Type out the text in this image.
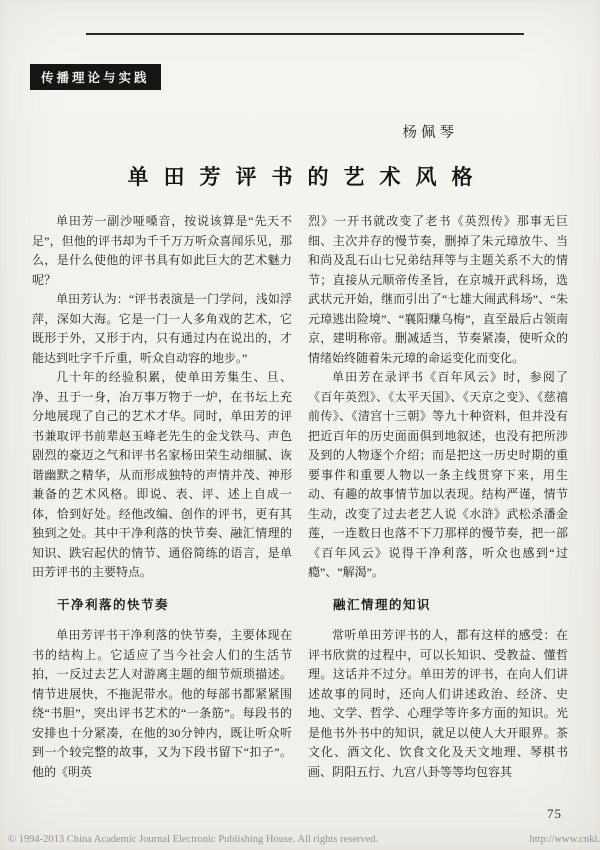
传播理论与实践
杨佩琴
单田芳评书的艺术风格

单田芳一副沙哑嗓音，按说该算是“先天不足”，但他的评书却为千千万万听众喜闻乐见，那么，是什么使他的评书具有如此巨大的艺术魅力呢？

单田芳认为：“评书表演是一门学问，浅如浮萍，深如大海。它是一门一人多角戏的艺术，它既形于外，又形于内，只有通过内在说出的，才能达到吐字千斤重，听众自动容的地步。”

几十年的经验积累，使单田芳集生、旦、净、丑于一身，冶万事万物于一炉，在书坛上充分地展现了自己的艺术才华。同时，单田芳的评书兼取评书前辈赵玉峰老先生的金戈铁马、声色剧烈的豪迈之气和评书名家杨田荣生动细腻、诙谐幽默之精华，从而形成独特的声情并茂、神形兼备的艺术风格。即说、表、评、述上自成一体，恰到好处。经他改编、创作的评书，更有其独到之处。其中干净利落的快节奏、融汇情理的知识、跌宕起伏的情节、通俗简练的语言，是单田芳评书的主要特点。

干净利落的快节奏

单田芳评书干净利落的快节奏，主要体现在书的结构上。它适应了当今社会人们的生活节拍，一反过去艺人对游离主题的细节烦琐描述。情节进展快，不拖泥带水。他的每部书都紧紧围绕“书胆”，突出评书艺术的“一条筋”。每段书的安排也十分紧凑，在他的30分钟内，既让听众听到一个较完整的故事，又为下段书留下“扣子”。他的《明英

烈》一开书就改变了老书《英烈传》那事无巨细、主次并存的慢节奏，删掉了朱元璋放牛、当和尚及乱石山七兄弟结拜等与主题关系不大的情节；直接从元顺帝传圣旨，在京城开武科场，选武状元开始，继而引出了“七雄大闹武科场”、“朱元璋逃出险境”、“襄阳赚乌梅”，直至最后占领南京，建明称帝。删减适当，节奏紧凑，使听众的情绪始终随着朱元璋的命运变化而变化。

单田芳在录评书《百年风云》时，参阅了《百年英烈》、《太平天国》、《天京之变》、《慈禧前传》、《清宫十三朝》等九十种资料，但并没有把近百年的历史面面俱到地叙述，也没有把所涉及到的人物逐个介绍；而是把这一历史时期的重要事件和重要人物以一条主线贯穿下来，用生动、有趣的故事情节加以表现。结构严谨，情节生动，改变了过去老艺人说《水浒》武松杀潘金莲，一连数日也落不下刀那样的慢节奏，把一部《百年风云》说得干净利落，听众也感到“过瘾”、“解渴”。

融汇情理的知识

常听单田芳评书的人，都有这样的感受：在评书欣赏的过程中，可以长知识、受教益、懂哲理。这话并不过分。单田芳的评书，在向人们讲述故事的同时，还向人们讲述政治、经济、史地、文学、哲学、心理学等许多方面的知识。光是他书外书中的知识，就足以使人大开眼界。茶文化、酒文化、饮食文化及天文地理、琴棋书画、阴阳五行、九宫八卦等等均包容其

75
© 1994-2013 China Academic Journal Electronic Publishing House. All rights reserved.	http://www.cnki.
